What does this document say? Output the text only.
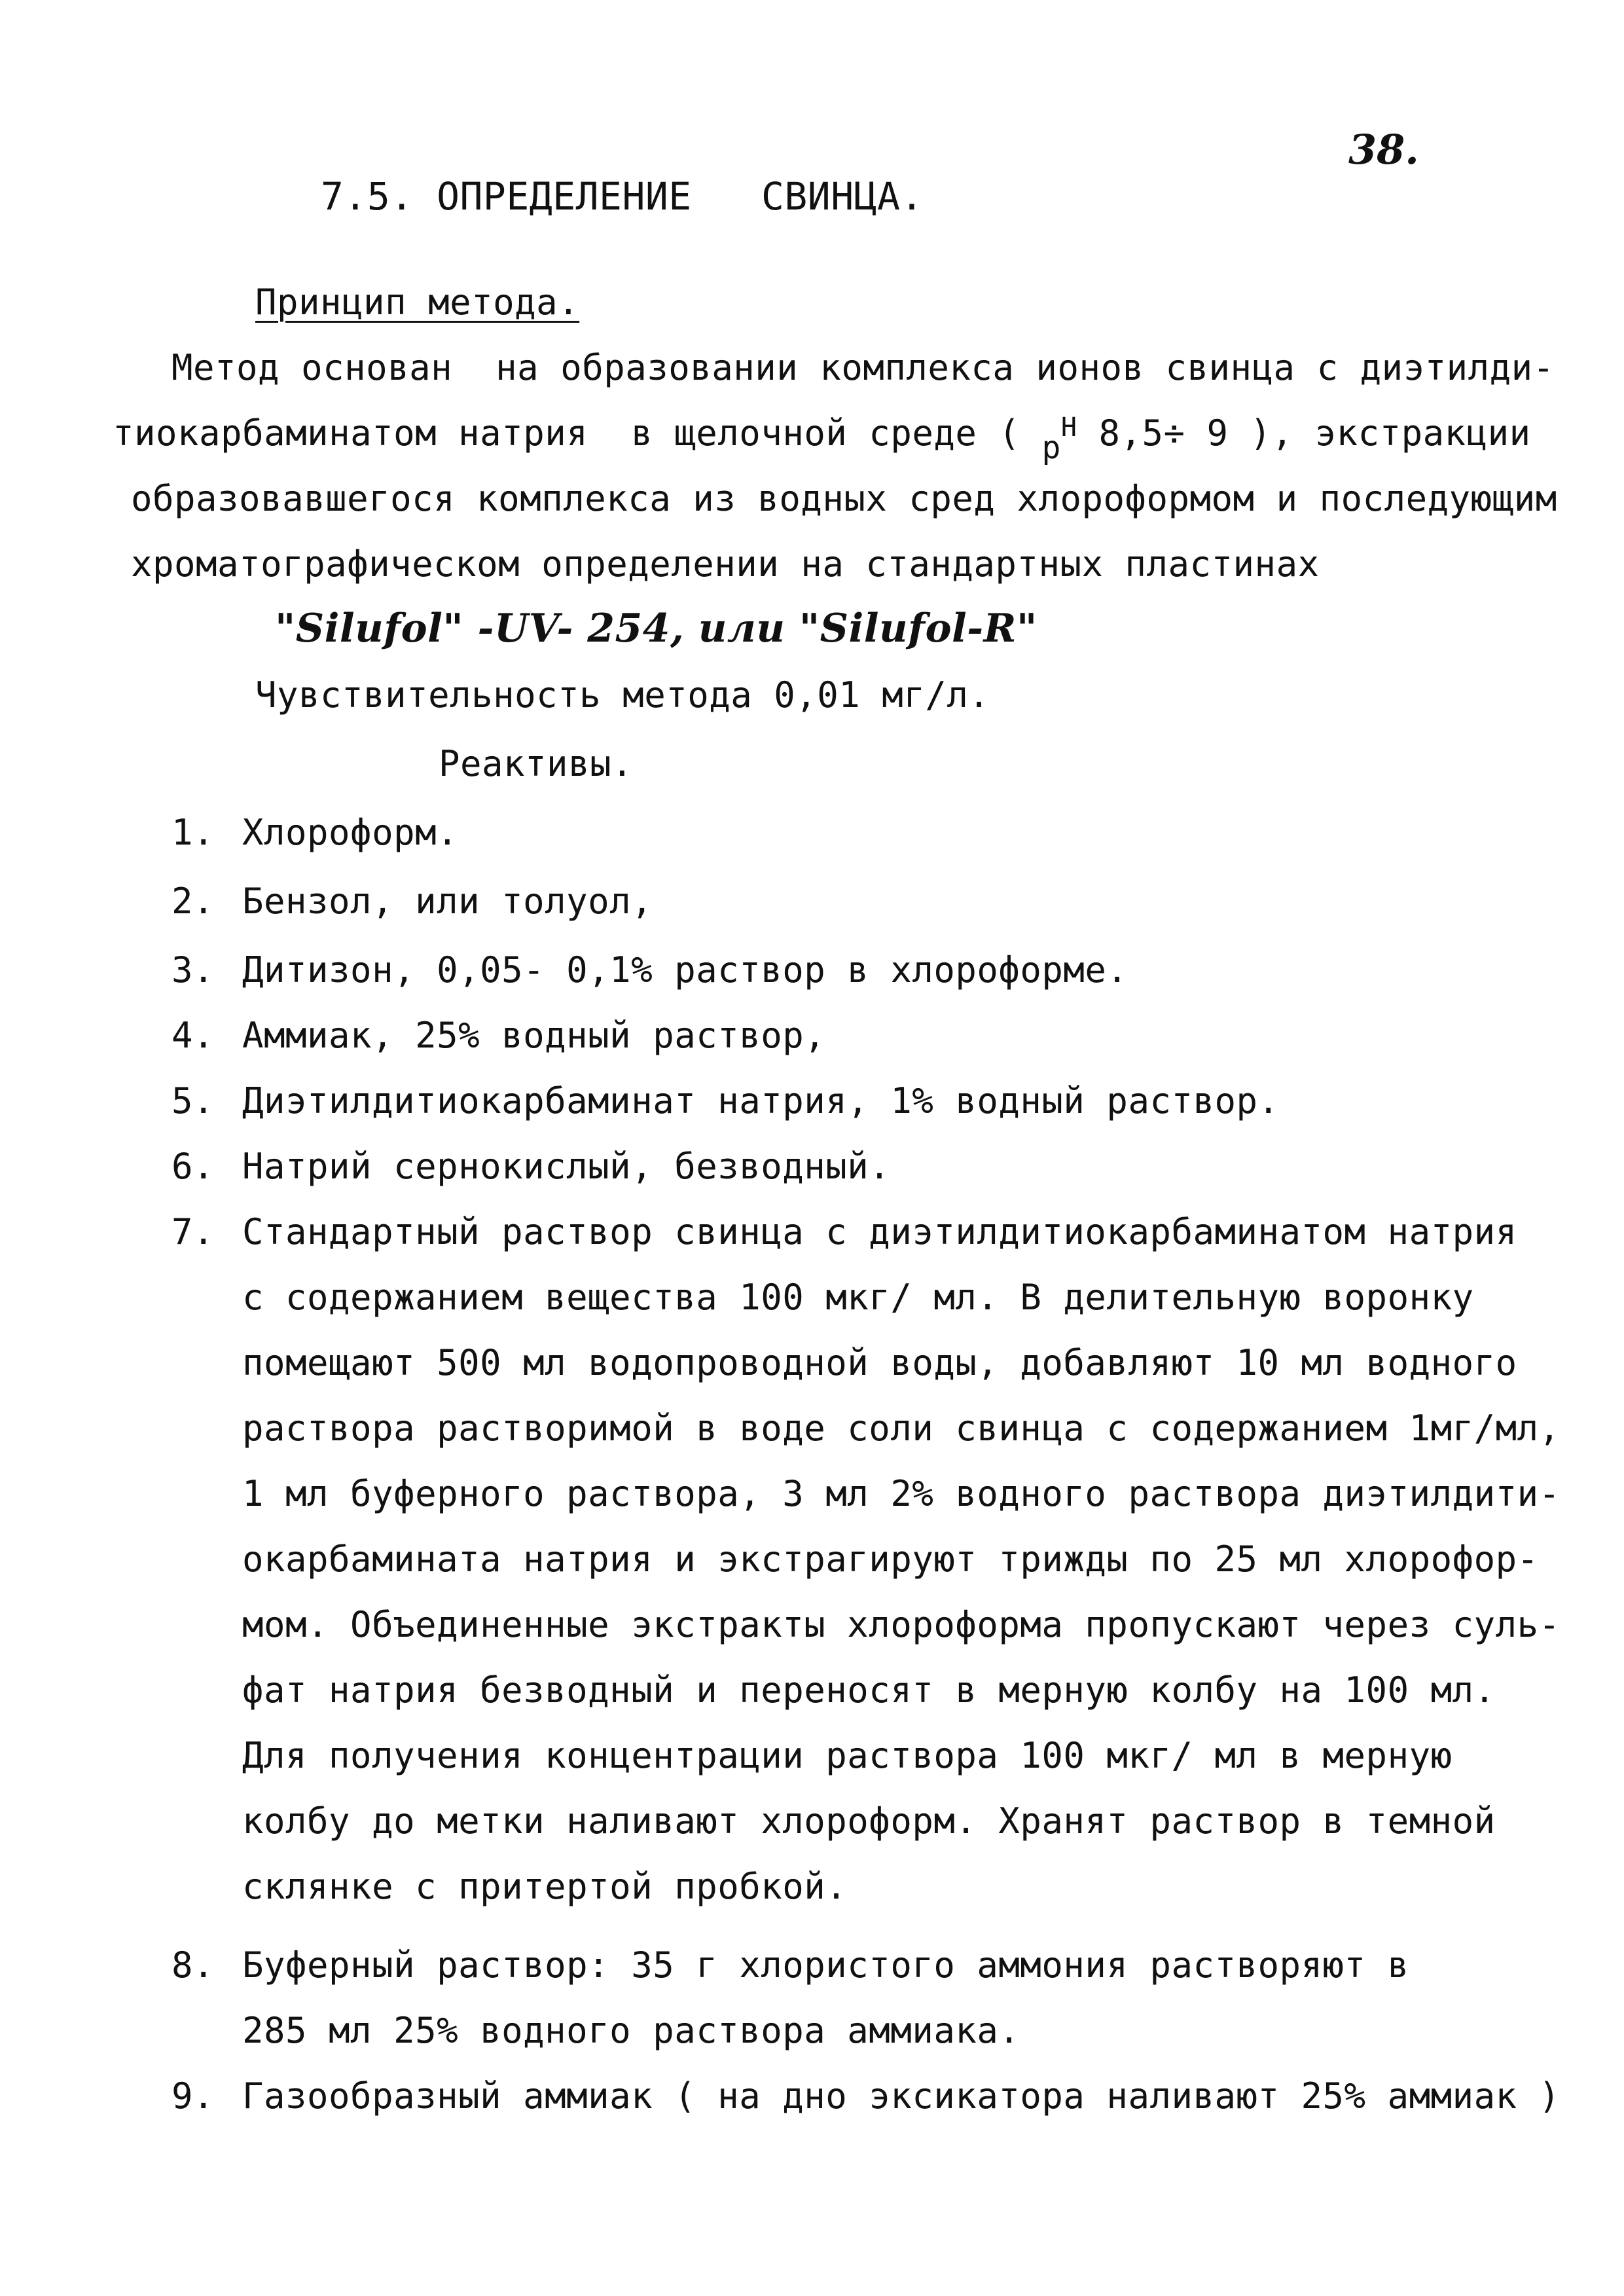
38.
7.5. ОПРЕДЕЛЕНИЕ   СВИНЦА.
Принцип метода.
Метод основан  на образовании комплекса ионов свинца с диэтилди-
тиокарбаминатом натрия  в щелочной среде ( $р^Н$ 8,5÷ 9 ), экстракции
образовавшегося комплекса из водных сред хлороформом и последующим
хроматографическом определении на стандартных пластинах
"Silufol" -UV- 254, или "Silufol-R"
Чувствительность метода 0,01 мг/л.
Реактивы.
1. Хлороформ.
2. Бензол, или толуол,
3. Дитизон, 0,05- 0,1% раствор в хлороформе.
4. Аммиак, 25% водный раствор,
5. Диэтилдитиокарбаминат натрия, 1% водный раствор.
6. Натрий сернокислый, безводный.
7. Стандартный раствор свинца с диэтилдитиокарбаминатом натрия
с содержанием вещества 100 мкг/ мл. В делительную воронку
помещают 500 мл водопроводной воды, добавляют 10 мл водного
раствора растворимой в воде соли свинца с содержанием 1мг/мл,
1 мл буферного раствора, 3 мл 2% водного раствора диэтилдити-
окарбамината натрия и экстрагируют трижды по 25 мл хлорофор-
мом. Объединенные экстракты хлороформа пропускают через суль-
фат натрия безводный и переносят в мерную колбу на 100 мл.
Для получения концентрации раствора 100 мкг/ мл в мерную
колбу до метки наливают хлороформ. Хранят раствор в темной
склянке с притертой пробкой.
8. Буферный раствор: 35 г хлористого аммония растворяют в
285 мл 25% водного раствора аммиака.
9. Газообразный аммиак ( на дно эксикатора наливают 25% аммиак )
